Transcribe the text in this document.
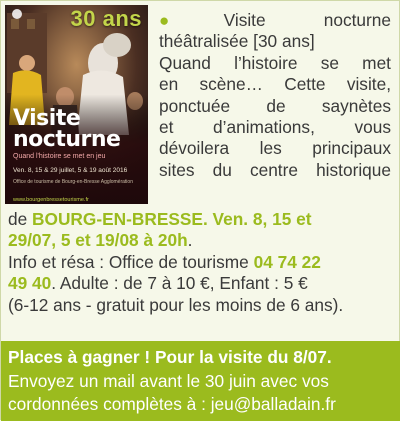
30 ans
Visite
nocturne
Quand l'histoire se met en jeu
Ven. 8, 15 & 29 juillet, 5 & 19 août 2016
Office de tourisme de Bourg-en-Bresse Agglomération
www.bourgenbressetourisme.fr
●Visite nocturne
théâtralisée [30 ans]
Quand l’histoire se met
en scène… Cette visite,
ponctuée de saynètes
et d’animations, vous
dévoilera les principaux
sites du centre historique
de BOURG-EN-BRESSE. Ven. 8, 15 et
29/07, 5 et 19/08 à 20h.
Info et résa : Office de tourisme 04 74 22
49 40. Adulte : de 7 à 10 €, Enfant : 5 €
(6-12 ans - gratuit pour les moins de 6 ans).
Places à gagner ! Pour la visite du 8/07.
Envoyez un mail avant le 30 juin avec vos
cordonnées complètes à : jeu@balladain.fr
